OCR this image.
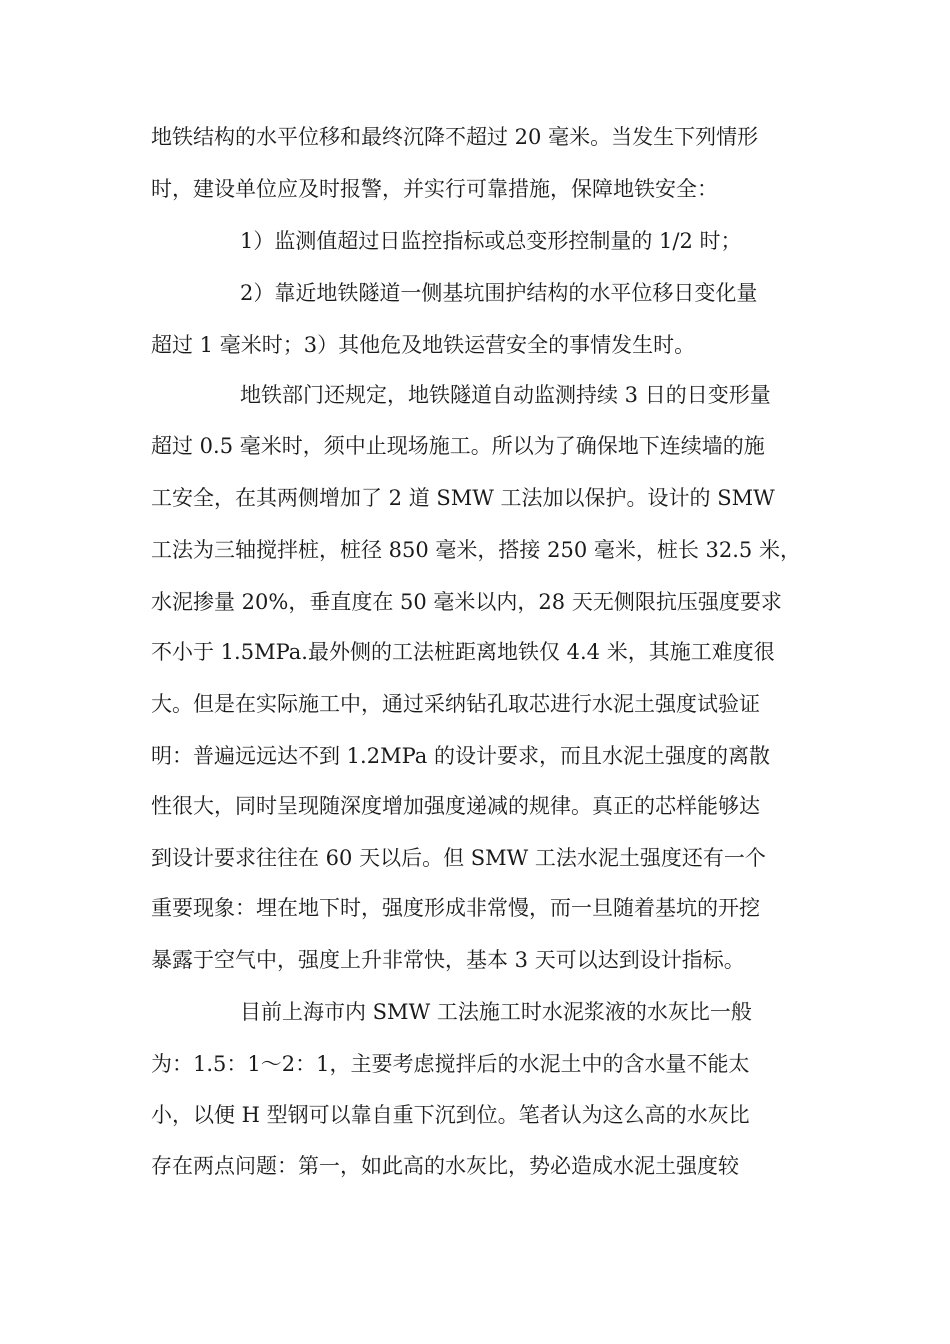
地铁结构的水平位移和最终沉降不超过 20 毫米。当发生下列情形
时，建设单位应及时报警，并实行可靠措施，保障地铁安全：
1）监测值超过日监控指标或总变形控制量的 1/2 时；
2）靠近地铁隧道一侧基坑围护结构的水平位移日变化量
超过 1 毫米时；3）其他危及地铁运营安全的事情发生时。
地铁部门还规定，地铁隧道自动监测持续 3 日的日变形量
超过 0.5 毫米时，须中止现场施工。所以为了确保地下连续墙的施
工安全，在其两侧增加了 2 道 SMW 工法加以保护。设计的 SMW
工法为三轴搅拌桩，桩径 850 毫米，搭接 250 毫米，桩长 32.5 米，
水泥掺量 20%，垂直度在 50 毫米以内，28 天无侧限抗压强度要求
不小于 1.5MPa.最外侧的工法桩距离地铁仅 4.4 米，其施工难度很
大。但是在实际施工中，通过采纳钻孔取芯进行水泥土强度试验证
明：普遍远远达不到 1.2MPa 的设计要求，而且水泥土强度的离散
性很大，同时呈现随深度增加强度递减的规律。真正的芯样能够达
到设计要求往往在 60 天以后。但 SMW 工法水泥土强度还有一个
重要现象：埋在地下时，强度形成非常慢，而一旦随着基坑的开挖
暴露于空气中，强度上升非常快，基本 3 天可以达到设计指标。
目前上海市内 SMW 工法施工时水泥浆液的水灰比一般
为：1.5：1～2：1，主要考虑搅拌后的水泥土中的含水量不能太
小，以便 H 型钢可以靠自重下沉到位。笔者认为这么高的水灰比
存在两点问题：第一，如此高的水灰比，势必造成水泥土强度较
